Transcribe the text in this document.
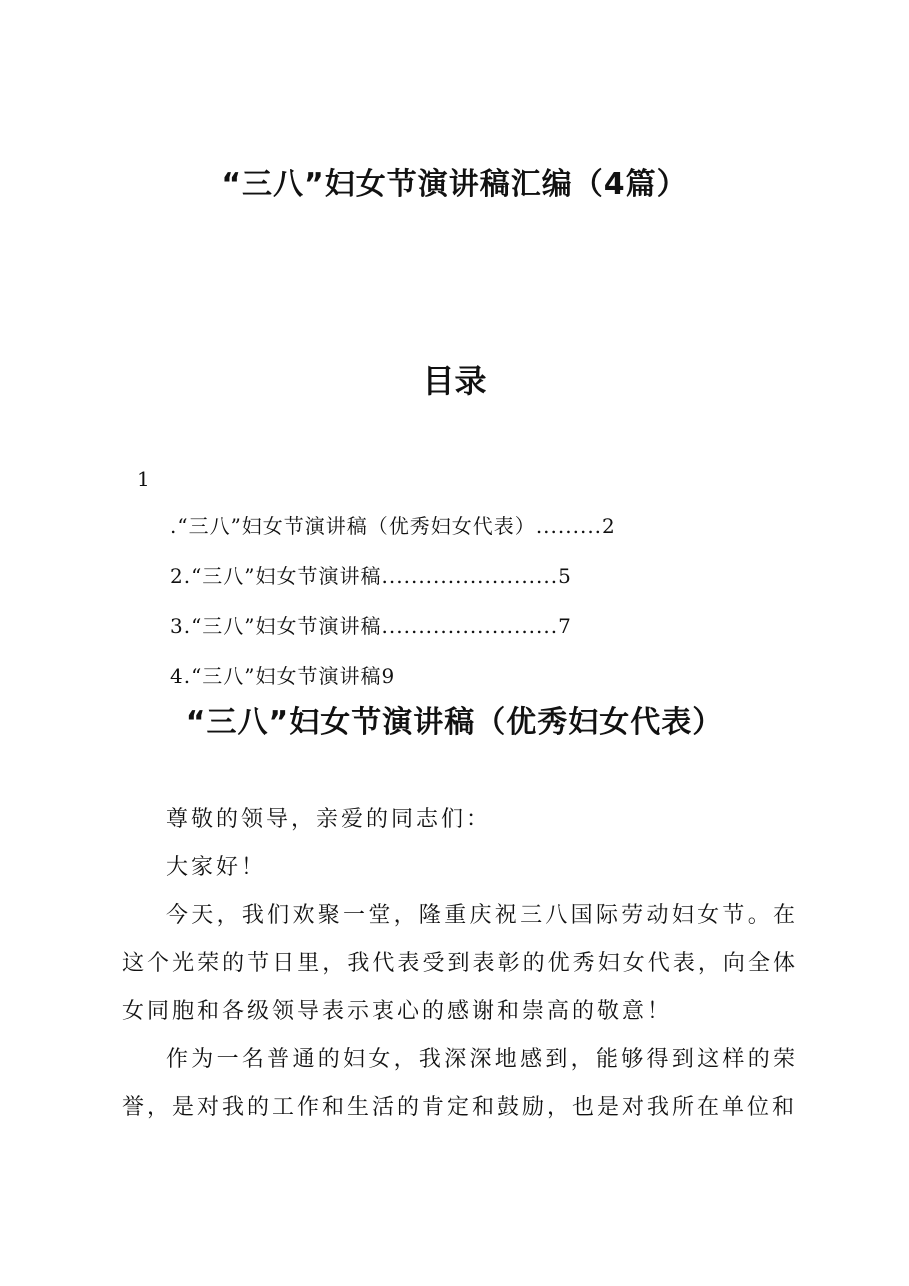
“三八”妇女节演讲稿汇编（4篇）
目录
1
.“三八”妇女节演讲稿（优秀妇女代表） ......... 2
2.“三八”妇女节演讲稿 ........................ 5
3.“三八”妇女节演讲稿 ........................ 7
4.“三八”妇女节演讲稿 9
“三八”妇女节演讲稿（优秀妇女代表）

尊敬的领导，亲爱的同志们：

大家好！

今天，我们欢聚一堂，隆重庆祝三八国际劳动妇女节。在这个光荣的节日里，我代表受到表彰的优秀妇女代表，向全体女同胞和各级领导表示衷心的感谢和崇高的敬意！

作为一名普通的妇女，我深深地感到，能够得到这样的荣誉，是对我的工作和生活的肯定和鼓励，也是对我所在单位和
